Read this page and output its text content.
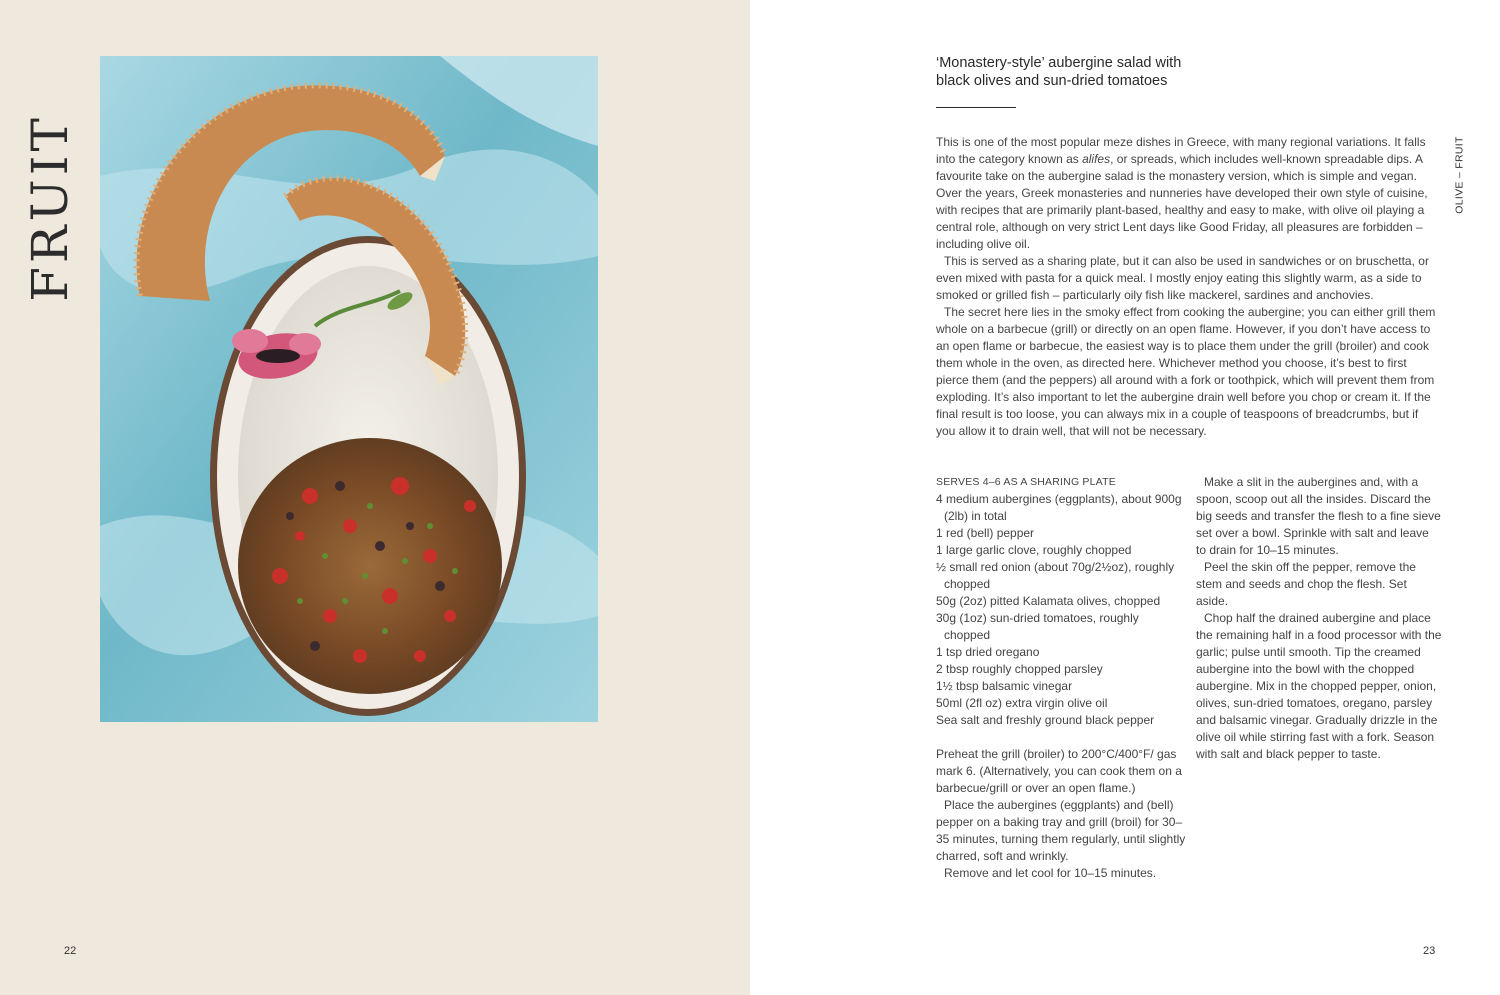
FRUIT
22
‘Monastery-style’ aubergine salad with
black olives and sun-dried tomatoes

This is one of the most popular meze dishes in Greece, with many regional variations. It falls into the category known as alifes, or spreads, which includes well-known spreadable dips. A favourite take on the aubergine salad is the monastery version, which is simple and vegan. Over the years, Greek monasteries and nunneries have developed their own style of cuisine, with recipes that are primarily plant-based, healthy and easy to make, with olive oil playing a central role, although on very strict Lent days like Good Friday, all pleasures are forbidden – including olive oil.

This is served as a sharing plate, but it can also be used in sandwiches or on bruschetta, or even mixed with pasta for a quick meal. I mostly enjoy eating this slightly warm, as a side to smoked or grilled fish – particularly oily fish like mackerel, sardines and anchovies.

The secret here lies in the smoky effect from cooking the aubergine; you can either grill them whole on a barbecue (grill) or directly on an open flame. However, if you don’t have access to an open flame or barbecue, the easiest way is to place them under the grill (broiler) and cook them whole in the oven, as directed here. Whichever method you choose, it’s best to first pierce them (and the peppers) all around with a fork or toothpick, which will prevent them from exploding. It’s also important to let the aubergine drain well before you chop or cream it. If the final result is too loose, you can always mix in a couple of teaspoons of breadcrumbs, but if you allow it to drain well, that will not be necessary.

SERVES 4–6 AS A SHARING PLATE
4 medium aubergines (eggplants), about 900g (2lb) in total
1 red (bell) pepper
1 large garlic clove, roughly chopped
½ small red onion (about 70g/2½oz), roughly chopped
50g (2oz) pitted Kalamata olives, chopped
30g (1oz) sun-dried tomatoes, roughly chopped
1 tsp dried oregano
2 tbsp roughly chopped parsley
1½ tbsp balsamic vinegar
50ml (2fl oz) extra virgin olive oil
Sea salt and freshly ground black pepper

Preheat the grill (broiler) to 200°C/400°F/ gas mark 6. (Alternatively, you can cook them on a barbecue/grill or over an open flame.)

Place the aubergines (eggplants) and (bell) pepper on a baking tray and grill (broil) for 30–35 minutes, turning them regularly, until slightly charred, soft and wrinkly.

Remove and let cool for 10–15 minutes.

Make a slit in the aubergines and, with a spoon, scoop out all the insides. Discard the big seeds and transfer the flesh to a fine sieve set over a bowl. Sprinkle with salt and leave to drain for 10–15 minutes.

Peel the skin off the pepper, remove the stem and seeds and chop the flesh. Set aside.

Chop half the drained aubergine and place the remaining half in a food processor with the garlic; pulse until smooth. Tip the creamed aubergine into the bowl with the chopped aubergine. Mix in the chopped pepper, onion, olives, sun-dried tomatoes, oregano, parsley and balsamic vinegar. Gradually drizzle in the olive oil while stirring fast with a fork. Season with salt and black pepper to taste.

OLIVE – FRUIT
23
